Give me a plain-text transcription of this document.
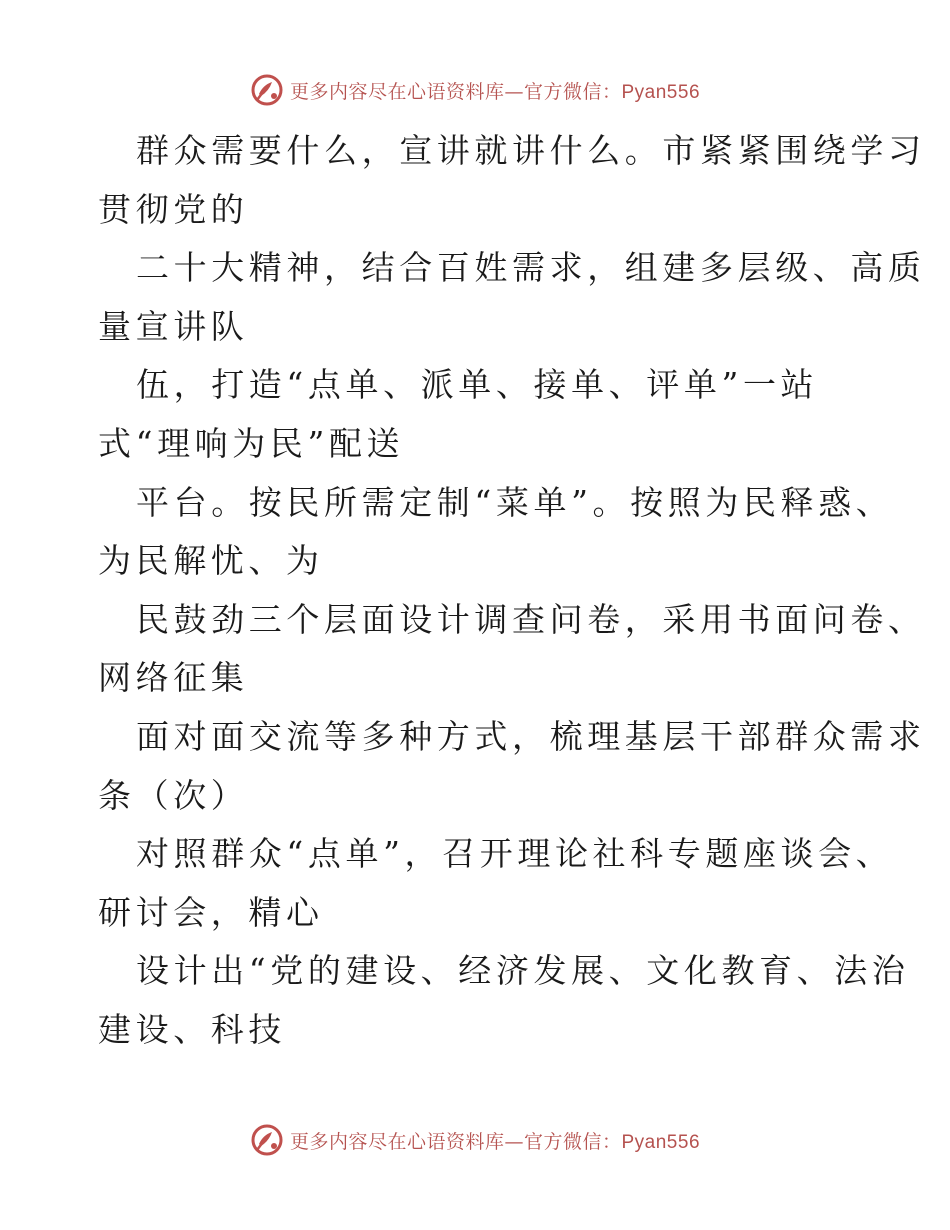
更多内容尽在心语资料库—官方微信：Pyan556

群众需要什么，宣讲就讲什么。市紧紧围绕学习
贯彻党的

二十大精神，结合百姓需求，组建多层级、高质
量宣讲队

伍，打造“点单、派单、接单、评单”一站
式“理响为民”配送

平台。按民所需定制“菜单”。按照为民释惑、
为民解忧、为

民鼓劲三个层面设计调查问卷，采用书面问卷、
网络征集

面对面交流等多种方式，梳理基层干部群众需求
条（次）

对照群众“点单”，召开理论社科专题座谈会、
研讨会，精心

设计出“党的建设、经济发展、文化教育、法治
建设、科技

更多内容尽在心语资料库—官方微信：Pyan556
